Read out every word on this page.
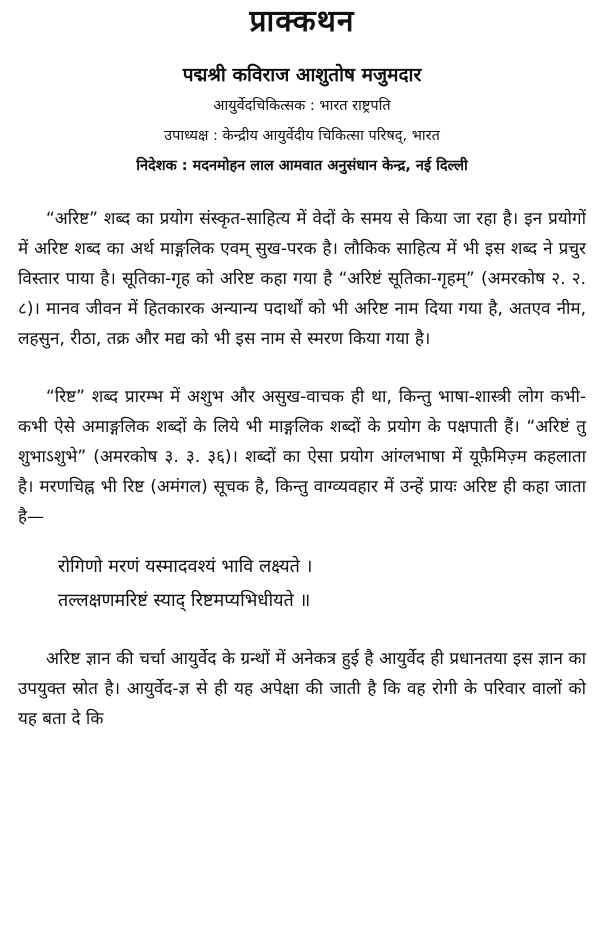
प्राक्कथन

पद्मश्री कविराज आशुतोष मजुमदार

आयुर्वेदचिकित्सक : भारत राष्ट्रपति

उपाध्यक्ष : केन्द्रीय आयुर्वेदीय चिकित्सा परिषद्, भारत

निदेशक : मदनमोहन लाल आमवात अनुसंधान केन्द्र, नई दिल्ली

“अरिष्ट” शब्द का प्रयोग संस्कृत-साहित्य में वेदों के समय से किया जा रहा है। इन प्रयोगों में अरिष्ट शब्द का अर्थ माङ्गलिक एवम् सुख-परक है। लौकिक साहित्य में भी इस शब्द ने प्रचुर विस्तार पाया है। सूतिका-गृह को अरिष्ट कहा गया है “अरिष्टं सूतिका-गृहम्” (अमरकोष २. २. ८)। मानव जीवन में हितकारक अन्यान्य पदार्थों को भी अरिष्ट नाम दिया गया है, अतएव नीम, लहसुन, रीठा, तक्र और मद्य को भी इस नाम से स्मरण किया गया है।

“रिष्ट” शब्द प्रारम्भ में अशुभ और असुख-वाचक ही था, किन्तु भाषा-शास्त्री लोग कभी-कभी ऐसे अमाङ्गलिक शब्दों के लिये भी माङ्गलिक शब्दों के प्रयोग के पक्षपाती हैं। “अरिष्टं तु शुभाऽशुभे” (अमरकोष ३. ३. ३६)। शब्दों का ऐसा प्रयोग आंग्लभाषा में यूफ़ैमिज़्म कहलाता है। मरणचिह्न भी रिष्ट (अमंगल) सूचक है, किन्तु वाग्व्यवहार में उन्हें प्रायः अरिष्ट ही कहा जाता है—

रोगिणो मरणं यस्मादवश्यं भावि लक्ष्यते ।
तल्लक्षणमरिष्टं स्याद् रिष्टमप्यभिधीयते ॥

अरिष्ट ज्ञान की चर्चा आयुर्वेद के ग्रन्थों में अनेकत्र हुई है आयुर्वेद ही प्रधानतया इस ज्ञान का उपयुक्त स्रोत है। आयुर्वेद-ज्ञ से ही यह अपेक्षा की जाती है कि वह रोगी के परिवार वालों को यह बता दे कि
